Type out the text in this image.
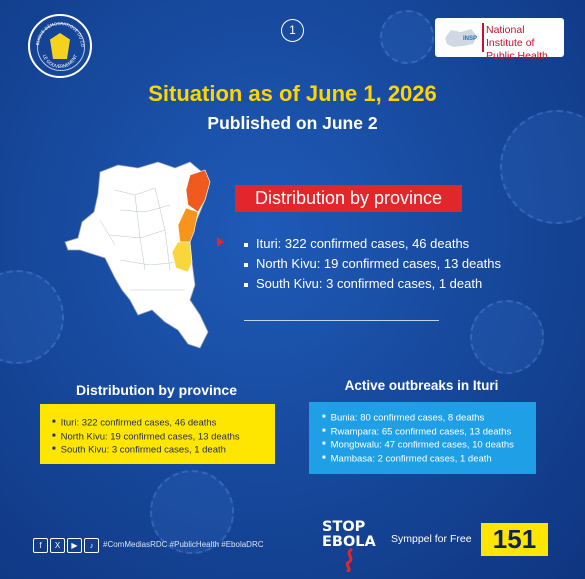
BLIQUE DÉMOCRATIQUE DU CO
LE GOUVERNEMENT
1
INSP
National Institute of Public Health
Situation as of June 1, 2026
Published on June 2
Distribution by province
Ituri: 322 confirmed cases, 46 deaths
North Kivu: 19 confirmed cases, 13 deaths
South Kivu: 3 confirmed cases, 1 death
Distribution by province
■ Ituri: 322 confirmed cases, 46 deaths
■ North Kivu: 19 confirmed cases, 13 deaths
■ South Kivu: 3 confirmed cases, 1 death
Active outbreaks in Ituri
■ Bunia: 80 confirmed cases, 8 deaths
■ Rwampara: 65 confirmed cases, 13 deaths
■ Mongbwalu: 47 confirmed cases, 10 deaths
■ Mambasa: 2 confirmed cases, 1 death
f	X	▶	♪	#ComMediasRDC #PublicHealth #EbolaDRC
STOP
EBOLA	Symppel for Free 151
